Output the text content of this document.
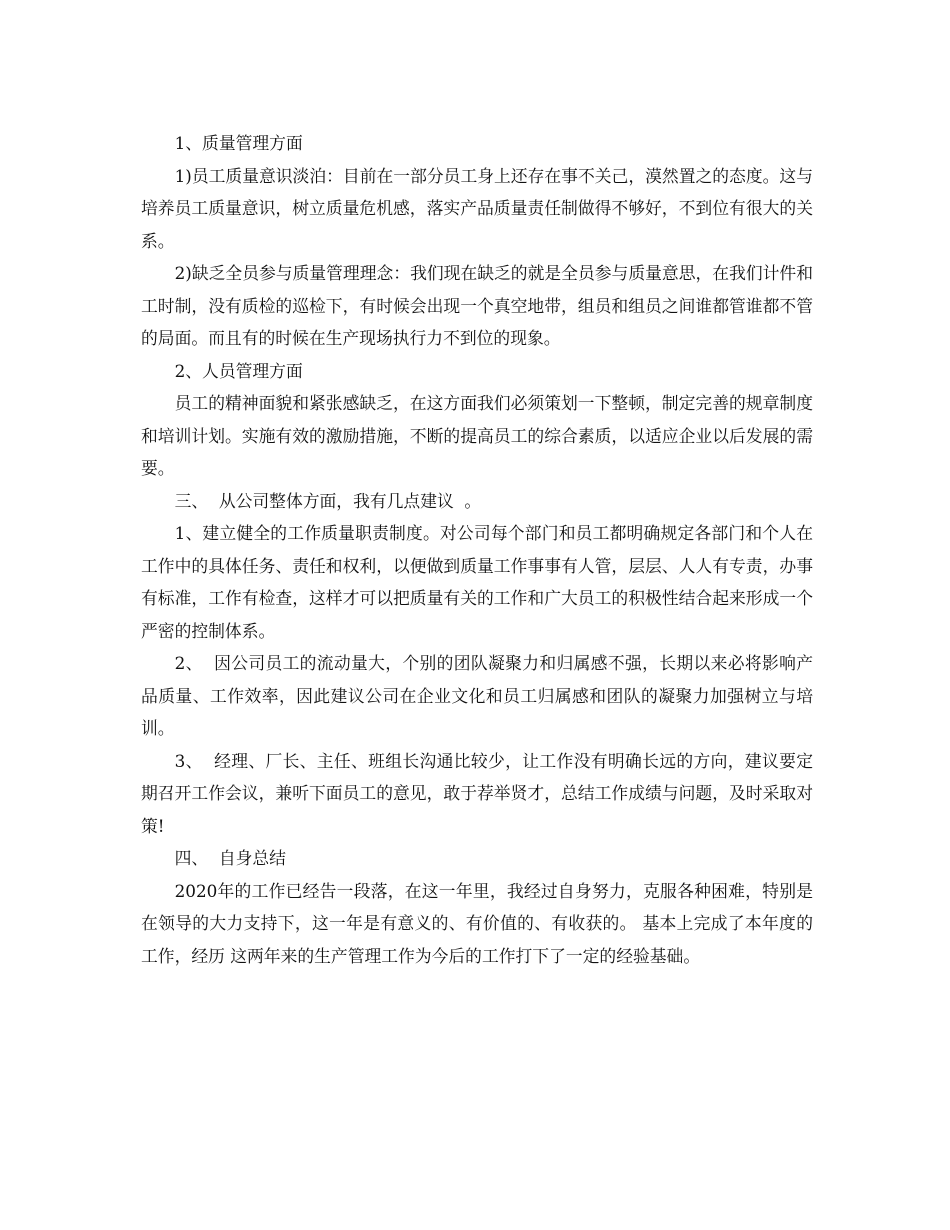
1、质量管理方面

1)员工质量意识淡泊：目前在一部分员工身上还存在事不关己，漠然置之的态度。这与培养员工质量意识，树立质量危机感，落实产品质量责任制做得不够好，不到位有很大的关系。

2)缺乏全员参与质量管理理念：我们现在缺乏的就是全员参与质量意思，在我们计件和工时制，没有质检的巡检下，有时候会出现一个真空地带，组员和组员之间谁都管谁都不管的局面。而且有的时候在生产现场执行力不到位的现象。

2、人员管理方面

员工的精神面貌和紧张感缺乏，在这方面我们必须策划一下整顿，制定完善的规章制度和培训计划。实施有效的激励措施，不断的提高员工的综合素质，以适应企业以后发展的需要。

三、  从公司整体方面，我有几点建议  。

1、建立健全的工作质量职责制度。对公司每个部门和员工都明确规定各部门和个人在工作中的具体任务、责任和权利，以便做到质量工作事事有人管，层层、人人有专责，办事有标准，工作有检查，这样才可以把质量有关的工作和广大员工的积极性结合起来形成一个严密的控制体系。

2、  因公司员工的流动量大，个别的团队凝聚力和归属感不强，长期以来必将影响产品质量、工作效率，因此建议公司在企业文化和员工归属感和团队的凝聚力加强树立与培训。

3、  经理、厂长、主任、班组长沟通比较少，让工作没有明确长远的方向，建议要定期召开工作会议，兼听下面员工的意见，敢于荐举贤才，总结工作成绩与问题，及时采取对策!

四、  自身总结

2020年的工作已经告一段落，在这一年里，我经过自身努力，克服各种困难，特别是在领导的大力支持下，这一年是有意义的、有价值的、有收获的。 基本上完成了本年度的 工作，经历 这两年来的生产管理工作为今后的工作打下了一定的经验基础。
